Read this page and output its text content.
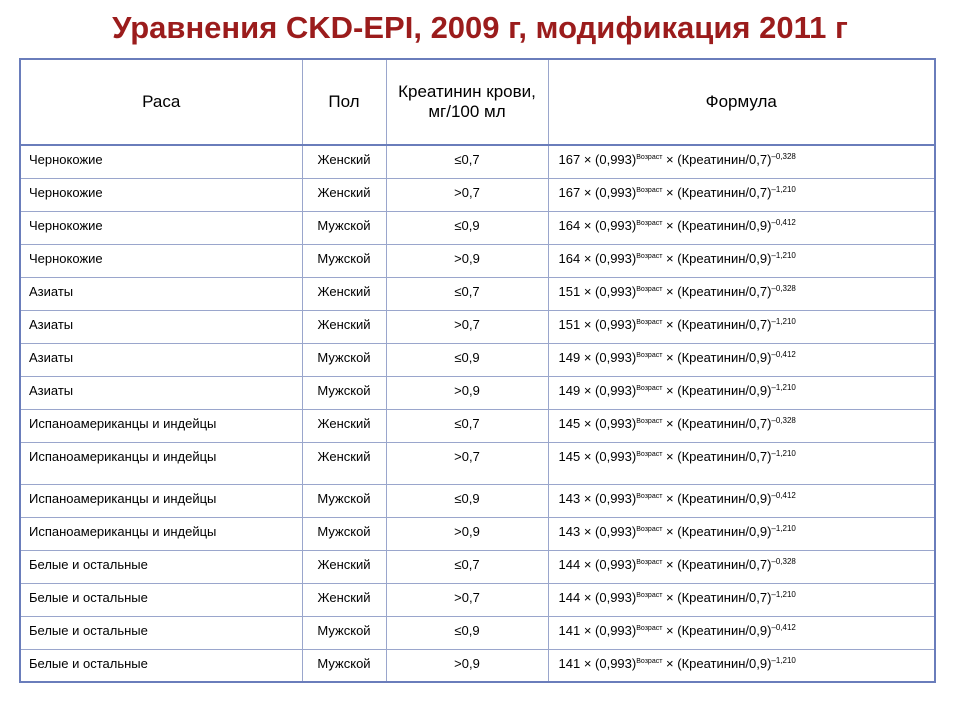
Уравнения CKD-EPI, 2009 г, модификация 2011 г
Раса	Пол	Креатинин крови, мг/100 мл	Формула
Чернокожие	Женский	≤0,7	$167 \times (0,993)^{Возраст}$ × (Креатинин/0,7)$^{-0,328}$
Чернокожие	Женский	>0,7	$167 \times (0,993)^{Возраст}$ × (Креатинин/0,7)$^{-1,210}$
Чернокожие	Мужской	≤0,9	$164 \times (0,993)^{Возраст}$ × (Креатинин/0,9)$^{-0,412}$
Чернокожие	Мужской	>0,9	$164 \times (0,993)^{Возраст}$ × (Креатинин/0,9)$^{-1,210}$
Азиаты	Женский	≤0,7	$151 \times (0,993)^{Возраст}$ × (Креатинин/0,7)$^{-0,328}$
Азиаты	Женский	>0,7	$151 \times (0,993)^{Возраст}$ × (Креатинин/0,7)$^{-1,210}$
Азиаты	Мужской	≤0,9	$149 \times (0,993)^{Возраст}$ × (Креатинин/0,9)$^{-0,412}$
Азиаты	Мужской	>0,9	$149 \times (0,993)^{Возраст}$ × (Креатинин/0,9)$^{-1,210}$
Испаноамериканцы и индейцы	Женский	≤0,7	$145 \times (0,993)^{Возраст}$ × (Креатинин/0,7)$^{-0,328}$
Испаноамериканцы и индейцы	Женский	>0,7	$145 \times (0,993)^{Возраст}$ × (Креатинин/0,7)$^{-1,210}$
Испаноамериканцы и индейцы	Мужской	≤0,9	$143 \times (0,993)^{Возраст}$ × (Креатинин/0,9)$^{-0,412}$
Испаноамериканцы и индейцы	Мужской	>0,9	$143 \times (0,993)^{Возраст}$ × (Креатинин/0,9)$^{-1,210}$
Белые и остальные	Женский	≤0,7	$144 \times (0,993)^{Возраст}$ × (Креатинин/0,7)$^{-0,328}$
Белые и остальные	Женский	>0,7	$144 \times (0,993)^{Возраст}$ × (Креатинин/0,7)$^{-1,210}$
Белые и остальные	Мужской	≤0,9	$141 \times (0,993)^{Возраст}$ × (Креатинин/0,9)$^{-0,412}$
Белые и остальные	Мужской	>0,9	$141 \times (0,993)^{Возраст}$ × (Креатинин/0,9)$^{-1,210}$
